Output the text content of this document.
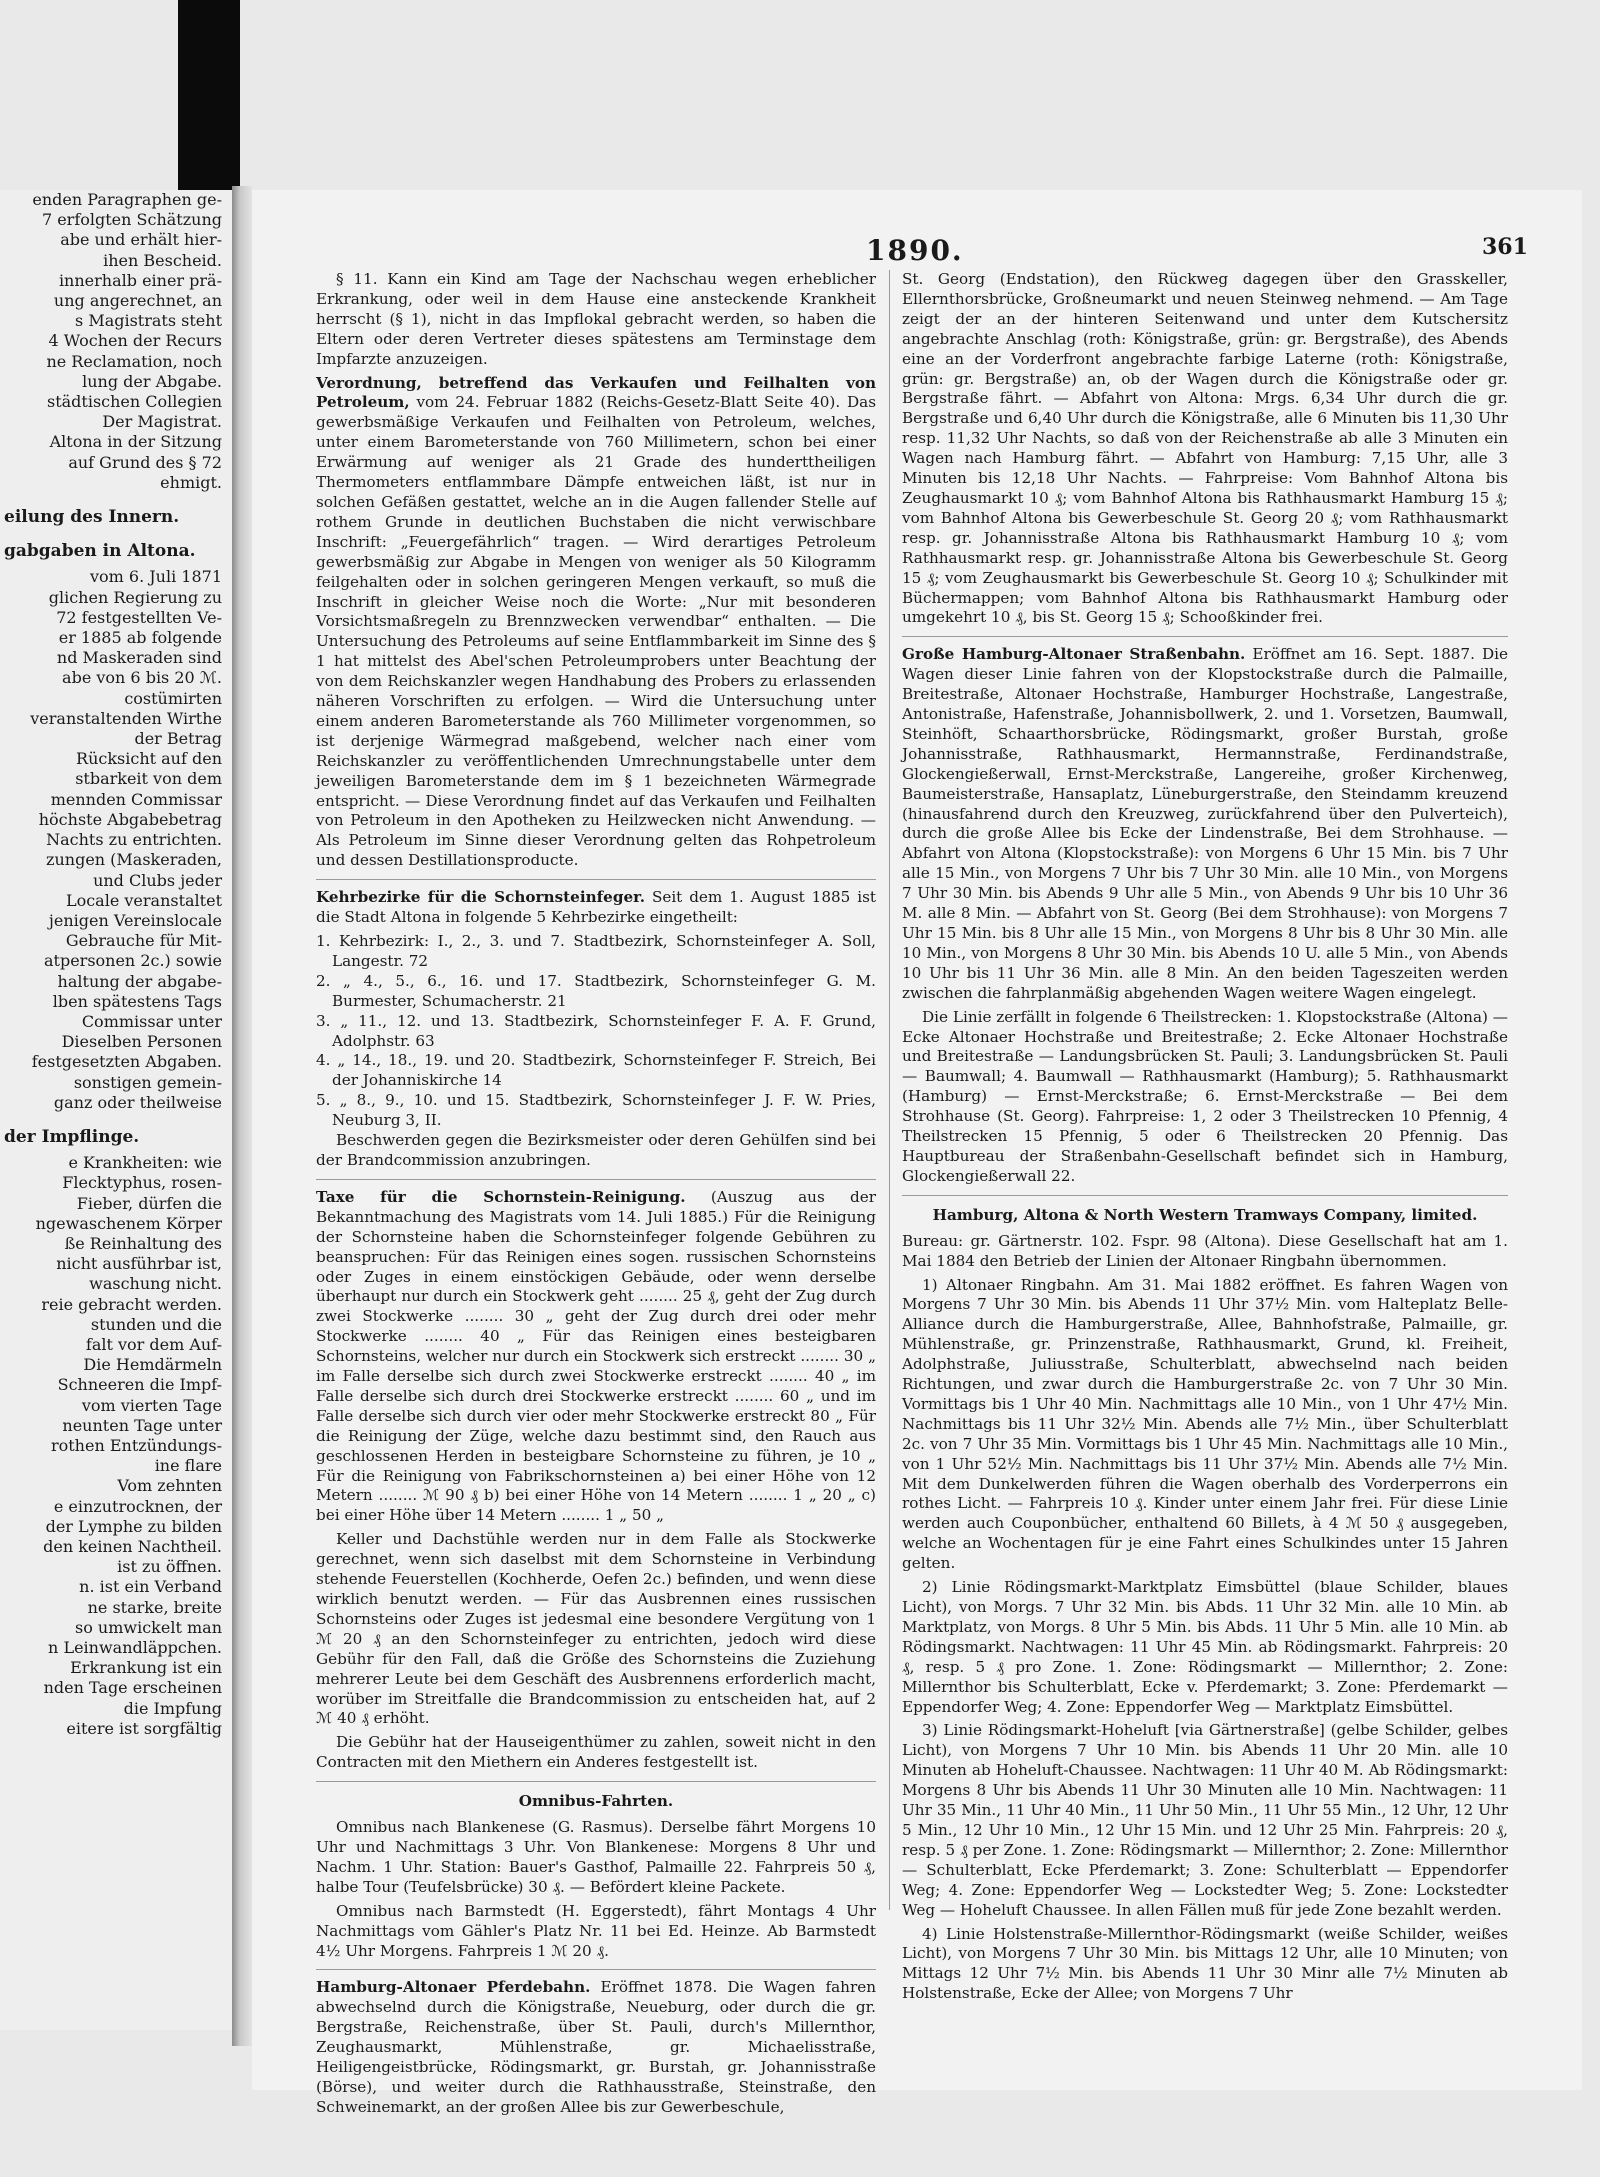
enden Paragraphen ge-
7 erfolgten Schätzung
abe und erhält hier-
ihen Bescheid.
innerhalb einer prä-
ung angerechnet, an
s Magistrats steht
4 Wochen der Recurs
ne Reclamation, noch
lung der Abgabe.
städtischen Collegien
Der Magistrat.
Altona in der Sitzung
auf Grund des § 72
ehmigt.
eilung des Innern.
gabgaben in Altona.
vom 6. Juli 1871
glichen Regierung zu
72 festgestellten Ve-
er 1885 ab folgende
nd Maskeraden sind
abe von 6 bis 20 ℳ.
costümirten
veranstaltenden Wirthe
der Betrag
Rücksicht auf den
stbarkeit von dem
mennden Commissar
höchste Abgabebetrag
Nachts zu entrichten.
zungen (Maskeraden,
und Clubs jeder
Locale veranstaltet
jenigen Vereinslocale
Gebrauche für Mit-
atpersonen 2c.) sowie
haltung der abgabe-
lben spätestens Tags
Commissar unter
Dieselben Personen
festgesetzten Abgaben.
sonstigen gemein-
ganz oder theilweise
der Impflinge.
e Krankheiten: wie
Flecktyphus, rosen-
Fieber, dürfen die
ngewaschenem Körper
ße Reinhaltung des
nicht ausführbar ist,
waschung nicht.
reie gebracht werden.
stunden und die
falt vor dem Auf-
Die Hemdärmeln
Schneeren die Impf-
vom vierten Tage
neunten Tage unter
rothen Entzündungs-
ine flare
Vom zehnten
e einzutrocknen, der
der Lymphe zu bilden
den keinen Nachtheil.
ist zu öffnen.
n. ist ein Verband
ne starke, breite
so umwickelt man
n Leinwandläppchen.
Erkrankung ist ein
nden Tage erscheinen
die Impfung
eitere ist sorgfältig
1890.	361

§ 11. Kann ein Kind am Tage der Nachschau wegen erheblicher Erkrankung, oder weil in dem Hause eine ansteckende Krankheit herrscht (§ 1), nicht in das Impflokal gebracht werden, so haben die Eltern oder deren Vertreter dieses spätestens am Terminstage dem Impfarzte anzuzeigen.

Verordnung, betreffend das Verkaufen und Feilhalten von Petroleum, vom 24. Februar 1882 (Reichs-Gesetz-Blatt Seite 40). Das gewerbsmäßige Verkaufen und Feilhalten von Petroleum, welches, unter einem Barometerstande von 760 Millimetern, schon bei einer Erwärmung auf weniger als 21 Grade des hunderttheiligen Thermometers entflammbare Dämpfe entweichen läßt, ist nur in solchen Gefäßen gestattet, welche an in die Augen fallender Stelle auf rothem Grunde in deutlichen Buchstaben die nicht verwischbare Inschrift: „Feuergefährlich“ tragen. — Wird derartiges Petroleum gewerbsmäßig zur Abgabe in Mengen von weniger als 50 Kilogramm feilgehalten oder in solchen geringeren Mengen verkauft, so muß die Inschrift in gleicher Weise noch die Worte: „Nur mit besonderen Vorsichtsmaßregeln zu Brennzwecken verwendbar“ enthalten. — Die Untersuchung des Petroleums auf seine Entflammbarkeit im Sinne des § 1 hat mittelst des Abel'schen Petroleumprobers unter Beachtung der von dem Reichskanzler wegen Handhabung des Probers zu erlassenden näheren Vorschriften zu erfolgen. — Wird die Untersuchung unter einem anderen Barometerstande als 760 Millimeter vorgenommen, so ist derjenige Wärmegrad maßgebend, welcher nach einer vom Reichskanzler zu veröffentlichenden Umrechnungstabelle unter dem jeweiligen Barometerstande dem im § 1 bezeichneten Wärmegrade entspricht. — Diese Verordnung findet auf das Verkaufen und Feilhalten von Petroleum in den Apotheken zu Heilzwecken nicht Anwendung. — Als Petroleum im Sinne dieser Verordnung gelten das Rohpetroleum und dessen Destillationsproducte.

Kehrbezirke für die Schornsteinfeger. Seit dem 1. August 1885 ist die Stadt Altona in folgende 5 Kehrbezirke eingetheilt:

1. Kehrbezirk: I., 2., 3. und 7. Stadtbezirk, Schornsteinfeger A. Soll, Langestr. 72

2. „ 4., 5., 6., 16. und 17. Stadtbezirk, Schornsteinfeger G. M. Burmester, Schumacherstr. 21

3. „ 11., 12. und 13. Stadtbezirk, Schornsteinfeger F. A. F. Grund, Adolphstr. 63

4. „ 14., 18., 19. und 20. Stadtbezirk, Schornsteinfeger F. Streich, Bei der Johanniskirche 14

5. „ 8., 9., 10. und 15. Stadtbezirk, Schornsteinfeger J. F. W. Pries, Neuburg 3, II.

Beschwerden gegen die Bezirksmeister oder deren Gehülfen sind bei der Brandcommission anzubringen.

Taxe für die Schornstein-Reinigung. (Auszug aus der Bekanntmachung des Magistrats vom 14. Juli 1885.) Für die Reinigung der Schornsteine haben die Schornsteinfeger folgende Gebühren zu beanspruchen: Für das Reinigen eines sogen. russischen Schornsteins oder Zuges in einem einstöckigen Gebäude, oder wenn derselbe überhaupt nur durch ein Stockwerk geht ........ 25 ₰, geht der Zug durch zwei Stockwerke ........ 30 „ geht der Zug durch drei oder mehr Stockwerke ........ 40 „ Für das Reinigen eines besteigbaren Schornsteins, welcher nur durch ein Stockwerk sich erstreckt ........ 30 „ im Falle derselbe sich durch zwei Stockwerke erstreckt ........ 40 „ im Falle derselbe sich durch drei Stockwerke erstreckt ........ 60 „ und im Falle derselbe sich durch vier oder mehr Stockwerke erstreckt 80 „ Für die Reinigung der Züge, welche dazu bestimmt sind, den Rauch aus geschlossenen Herden in besteigbare Schornsteine zu führen, je 10 „ Für die Reinigung von Fabrikschornsteinen a) bei einer Höhe von 12 Metern ........ ℳ 90 ₰ b) bei einer Höhe von 14 Metern ........ 1 „ 20 „ c) bei einer Höhe über 14 Metern ........ 1 „ 50 „

Keller und Dachstühle werden nur in dem Falle als Stockwerke gerechnet, wenn sich daselbst mit dem Schornsteine in Verbindung stehende Feuerstellen (Kochherde, Oefen 2c.) befinden, und wenn diese wirklich benutzt werden. — Für das Ausbrennen eines russischen Schornsteins oder Zuges ist jedesmal eine besondere Vergütung von 1 ℳ 20 ₰ an den Schornsteinfeger zu entrichten, jedoch wird diese Gebühr für den Fall, daß die Größe des Schornsteins die Zuziehung mehrerer Leute bei dem Geschäft des Ausbrennens erforderlich macht, worüber im Streitfalle die Brandcommission zu entscheiden hat, auf 2 ℳ 40 ₰ erhöht.

Die Gebühr hat der Hauseigenthümer zu zahlen, soweit nicht in den Contracten mit den Miethern ein Anderes festgestellt ist.

Omnibus-Fahrten.

Omnibus nach Blankenese (G. Rasmus). Derselbe fährt Morgens 10 Uhr und Nachmittags 3 Uhr. Von Blankenese: Morgens 8 Uhr und Nachm. 1 Uhr. Station: Bauer's Gasthof, Palmaille 22. Fahrpreis 50 ₰, halbe Tour (Teufelsbrücke) 30 ₰. — Befördert kleine Packete.

Omnibus nach Barmstedt (H. Eggerstedt), fährt Montags 4 Uhr Nachmittags vom Gähler's Platz Nr. 11 bei Ed. Heinze. Ab Barmstedt 4½ Uhr Morgens. Fahrpreis 1 ℳ 20 ₰.

Hamburg-Altonaer Pferdebahn. Eröffnet 1878. Die Wagen fahren abwechselnd durch die Königstraße, Neueburg, oder durch die gr. Bergstraße, Reichenstraße, über St. Pauli, durch's Millernthor, Zeughausmarkt, Mühlenstraße, gr. Michaelisstraße, Heiligengeistbrücke, Rödingsmarkt, gr. Burstah, gr. Johannisstraße (Börse), und weiter durch die Rathhausstraße, Steinstraße, den Schweinemarkt, an der großen Allee bis zur Gewerbeschule,

St. Georg (Endstation), den Rückweg dagegen über den Grasskeller, Ellernthorsbrücke, Großneumarkt und neuen Steinweg nehmend. — Am Tage zeigt der an der hinteren Seitenwand und unter dem Kutschersitz angebrachte Anschlag (roth: Königstraße, grün: gr. Bergstraße), des Abends eine an der Vorderfront angebrachte farbige Laterne (roth: Königstraße, grün: gr. Bergstraße) an, ob der Wagen durch die Königstraße oder gr. Bergstraße fährt. — Abfahrt von Altona: Mrgs. 6,34 Uhr durch die gr. Bergstraße und 6,40 Uhr durch die Königstraße, alle 6 Minuten bis 11,30 Uhr resp. 11,32 Uhr Nachts, so daß von der Reichenstraße ab alle 3 Minuten ein Wagen nach Hamburg fährt. — Abfahrt von Hamburg: 7,15 Uhr, alle 3 Minuten bis 12,18 Uhr Nachts. — Fahrpreise: Vom Bahnhof Altona bis Zeughausmarkt 10 ₰; vom Bahnhof Altona bis Rathhausmarkt Hamburg 15 ₰; vom Bahnhof Altona bis Gewerbeschule St. Georg 20 ₰; vom Rathhausmarkt resp. gr. Johannisstraße Altona bis Rathhausmarkt Hamburg 10 ₰; vom Rathhausmarkt resp. gr. Johannisstraße Altona bis Gewerbeschule St. Georg 15 ₰; vom Zeughausmarkt bis Gewerbeschule St. Georg 10 ₰; Schulkinder mit Büchermappen; vom Bahnhof Altona bis Rathhausmarkt Hamburg oder umgekehrt 10 ₰, bis St. Georg 15 ₰; Schooßkinder frei.

Große Hamburg-Altonaer Straßenbahn. Eröffnet am 16. Sept. 1887. Die Wagen dieser Linie fahren von der Klopstockstraße durch die Palmaille, Breitestraße, Altonaer Hochstraße, Hamburger Hochstraße, Langestraße, Antonistraße, Hafenstraße, Johannisbollwerk, 2. und 1. Vorsetzen, Baumwall, Steinhöft, Schaarthorsbrücke, Rödingsmarkt, großer Burstah, große Johannisstraße, Rathhausmarkt, Hermannstraße, Ferdinandstraße, Glockengießerwall, Ernst-Merckstraße, Langereihe, großer Kirchenweg, Baumeisterstraße, Hansaplatz, Lüneburgerstraße, den Steindamm kreuzend (hinausfahrend durch den Kreuzweg, zurückfahrend über den Pulverteich), durch die große Allee bis Ecke der Lindenstraße, Bei dem Strohhause. — Abfahrt von Altona (Klopstockstraße): von Morgens 6 Uhr 15 Min. bis 7 Uhr alle 15 Min., von Morgens 7 Uhr bis 7 Uhr 30 Min. alle 10 Min., von Morgens 7 Uhr 30 Min. bis Abends 9 Uhr alle 5 Min., von Abends 9 Uhr bis 10 Uhr 36 M. alle 8 Min. — Abfahrt von St. Georg (Bei dem Strohhause): von Morgens 7 Uhr 15 Min. bis 8 Uhr alle 15 Min., von Morgens 8 Uhr bis 8 Uhr 30 Min. alle 10 Min., von Morgens 8 Uhr 30 Min. bis Abends 10 U. alle 5 Min., von Abends 10 Uhr bis 11 Uhr 36 Min. alle 8 Min. An den beiden Tageszeiten werden zwischen die fahrplanmäßig abgehenden Wagen weitere Wagen eingelegt.

Die Linie zerfällt in folgende 6 Theilstrecken: 1. Klopstockstraße (Altona) — Ecke Altonaer Hochstraße und Breitestraße; 2. Ecke Altonaer Hochstraße und Breitestraße — Landungsbrücken St. Pauli; 3. Landungsbrücken St. Pauli — Baumwall; 4. Baumwall — Rathhausmarkt (Hamburg); 5. Rathhausmarkt (Hamburg) — Ernst-Merckstraße; 6. Ernst-Merckstraße — Bei dem Strohhause (St. Georg). Fahrpreise: 1, 2 oder 3 Theilstrecken 10 Pfennig, 4 Theilstrecken 15 Pfennig, 5 oder 6 Theilstrecken 20 Pfennig. Das Hauptbureau der Straßenbahn-Gesellschaft befindet sich in Hamburg, Glockengießerwall 22.

Hamburg, Altona & North Western Tramways Company, limited.

Bureau: gr. Gärtnerstr. 102. Fspr. 98 (Altona). Diese Gesellschaft hat am 1. Mai 1884 den Betrieb der Linien der Altonaer Ringbahn übernommen.

1) Altonaer Ringbahn. Am 31. Mai 1882 eröffnet. Es fahren Wagen von Morgens 7 Uhr 30 Min. bis Abends 11 Uhr 37½ Min. vom Halteplatz Belle-Alliance durch die Hamburgerstraße, Allee, Bahnhofstraße, Palmaille, gr. Mühlenstraße, gr. Prinzenstraße, Rathhausmarkt, Grund, kl. Freiheit, Adolphstraße, Juliusstraße, Schulterblatt, abwechselnd nach beiden Richtungen, und zwar durch die Hamburgerstraße 2c. von 7 Uhr 30 Min. Vormittags bis 1 Uhr 40 Min. Nachmittags alle 10 Min., von 1 Uhr 47½ Min. Nachmittags bis 11 Uhr 32½ Min. Abends alle 7½ Min., über Schulterblatt 2c. von 7 Uhr 35 Min. Vormittags bis 1 Uhr 45 Min. Nachmittags alle 10 Min., von 1 Uhr 52½ Min. Nachmittags bis 11 Uhr 37½ Min. Abends alle 7½ Min. Mit dem Dunkelwerden führen die Wagen oberhalb des Vorderperrons ein rothes Licht. — Fahrpreis 10 ₰. Kinder unter einem Jahr frei. Für diese Linie werden auch Couponbücher, enthaltend 60 Billets, à 4 ℳ 50 ₰ ausgegeben, welche an Wochentagen für je eine Fahrt eines Schulkindes unter 15 Jahren gelten.

2) Linie Rödingsmarkt-Marktplatz Eimsbüttel (blaue Schilder, blaues Licht), von Morgs. 7 Uhr 32 Min. bis Abds. 11 Uhr 32 Min. alle 10 Min. ab Marktplatz, von Morgs. 8 Uhr 5 Min. bis Abds. 11 Uhr 5 Min. alle 10 Min. ab Rödingsmarkt. Nachtwagen: 11 Uhr 45 Min. ab Rödingsmarkt. Fahrpreis: 20 ₰, resp. 5 ₰ pro Zone. 1. Zone: Rödingsmarkt — Millernthor; 2. Zone: Millernthor bis Schulterblatt, Ecke v. Pferdemarkt; 3. Zone: Pferdemarkt — Eppendorfer Weg; 4. Zone: Eppendorfer Weg — Marktplatz Eimsbüttel.

3) Linie Rödingsmarkt-Hoheluft [via Gärtnerstraße] (gelbe Schilder, gelbes Licht), von Morgens 7 Uhr 10 Min. bis Abends 11 Uhr 20 Min. alle 10 Minuten ab Hoheluft-Chaussee. Nachtwagen: 11 Uhr 40 M. Ab Rödingsmarkt: Morgens 8 Uhr bis Abends 11 Uhr 30 Minuten alle 10 Min. Nachtwagen: 11 Uhr 35 Min., 11 Uhr 40 Min., 11 Uhr 50 Min., 11 Uhr 55 Min., 12 Uhr, 12 Uhr 5 Min., 12 Uhr 10 Min., 12 Uhr 15 Min. und 12 Uhr 25 Min. Fahrpreis: 20 ₰, resp. 5 ₰ per Zone. 1. Zone: Rödingsmarkt — Millernthor; 2. Zone: Millernthor — Schulterblatt, Ecke Pferdemarkt; 3. Zone: Schulterblatt — Eppendorfer Weg; 4. Zone: Eppendorfer Weg — Lockstedter Weg; 5. Zone: Lockstedter Weg — Hoheluft Chaussee. In allen Fällen muß für jede Zone bezahlt werden.

4) Linie Holstenstraße-Millernthor-Rödingsmarkt (weiße Schilder, weißes Licht), von Morgens 7 Uhr 30 Min. bis Mittags 12 Uhr, alle 10 Minuten; von Mittags 12 Uhr 7½ Min. bis Abends 11 Uhr 30 Minr alle 7½ Minuten ab Holstenstraße, Ecke der Allee; von Morgens 7 Uhr
